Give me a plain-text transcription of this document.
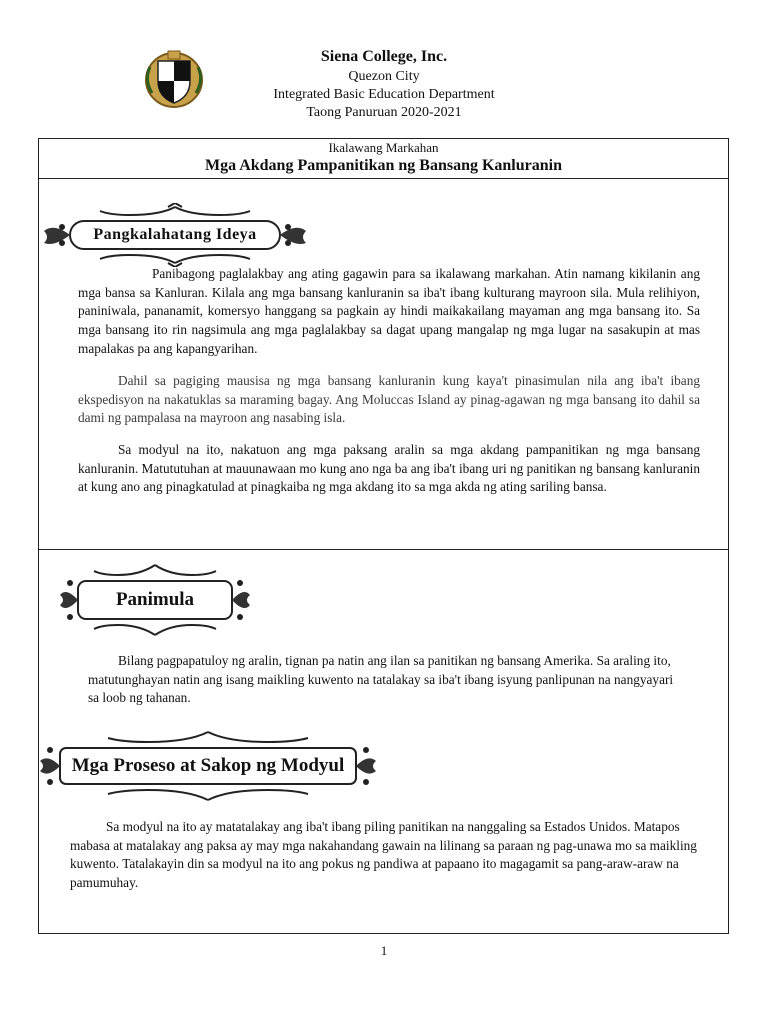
Siena College, Inc.
Quezon City
Integrated Basic Education Department
Taong Panuruan 2020-2021
Ikalawang Markahan
Mga Akdang Pampanitikan ng Bansang Kanluranin
Pangkalahatang Ideya

Panibagong paglalakbay ang ating gagawin para sa ikalawang markahan. Atin namang kikilanin ang mga bansa sa Kanluran. Kilala ang mga bansang kanluranin sa iba't ibang kulturang mayroon sila. Mula relihiyon, paniniwala, pananamit, komersyo hanggang sa pagkain ay hindi maikakailang mayaman ang mga bansang ito. Sa mga bansang ito rin nagsimula ang mga paglalakbay sa dagat upang mangalap ng mga lugar na sasakupin at mas mapalakas pa ang kapangyarihan.

Dahil sa pagiging mausisa ng mga bansang kanluranin kung kaya't pinasimulan nila ang iba't ibang ekspedisyon na nakatuklas sa maraming bagay. Ang Moluccas Island ay pinag-agawan ng mga bansang ito dahil sa dami ng pampalasa na mayroon ang nasabing isla.

Sa modyul na ito, nakatuon ang mga paksang aralin sa mga akdang pampanitikan ng mga bansang kanluranin. Matututuhan at mauunawaan mo kung ano nga ba ang iba't ibang uri ng panitikan ng bansang kanluranin at kung ano ang pinagkatulad at pinagkaiba ng mga akdang ito sa mga akda ng ating sariling bansa.

Panimula

Bilang pagpapatuloy ng aralin, tignan pa natin ang ilan sa panitikan ng bansang Amerika. Sa araling ito, matutunghayan natin ang isang maikling kuwento na tatalakay sa iba't ibang isyung panlipunan na nangyayari sa loob ng tahanan.

Mga Proseso at Sakop ng Modyul

Sa modyul na ito ay matatalakay ang iba't ibang piling panitikan na nanggaling sa Estados Unidos. Matapos mabasa at matalakay ang paksa ay may mga nakahandang gawain na lilinang sa paraan ng pag-unawa mo sa maikling kuwento. Tatalakayin din sa modyul na ito ang pokus ng pandiwa at papaano ito magagamit sa pang-araw-araw na pamumuhay.

1
